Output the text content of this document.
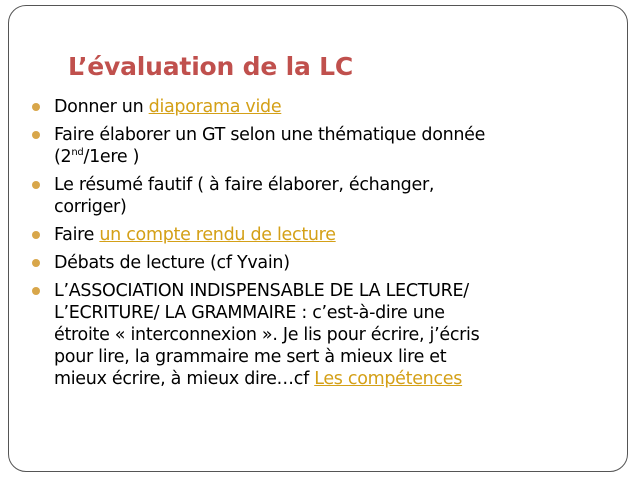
L’évaluation de la LC
Donner un diaporama vide
Faire élaborer un GT selon une thématique donnée
(2nd/1ere )
Le résumé fautif ( à faire élaborer, échanger,
corriger)
Faire un compte rendu de lecture
Débats de lecture (cf Yvain)
L’ASSOCIATION INDISPENSABLE DE LA LECTURE/
L’ECRITURE/ LA GRAMMAIRE : c’est-à-dire une
étroite « interconnexion ». Je lis pour écrire, j’écris
pour lire, la grammaire me sert à mieux lire et
mieux écrire, à mieux dire…cf Les compétences
